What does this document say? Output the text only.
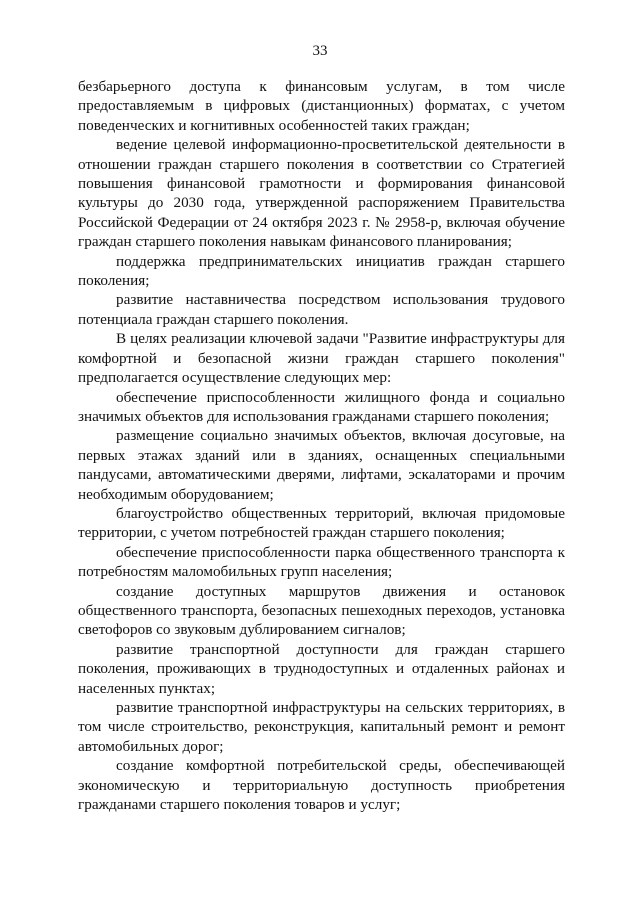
33

безбарьерного доступа к финансовым услугам, в том числе предоставляемым в цифровых (дистанционных) форматах, с учетом поведенческих и когнитивных особенностей таких граждан;

ведение целевой информационно-просветительской деятельности в отношении граждан старшего поколения в соответствии со Стратегией повышения финансовой грамотности и формирования финансовой культуры до 2030 года, утвержденной распоряжением Правительства Российской Федерации от 24 октября 2023 г. № 2958-р, включая обучение граждан старшего поколения навыкам финансового планирования;

поддержка предпринимательских инициатив граждан старшего поколения;

развитие наставничества посредством использования трудового потенциала граждан старшего поколения.

В целях реализации ключевой задачи "Развитие инфраструктуры для комфортной и безопасной жизни граждан старшего поколения" предполагается осуществление следующих мер:

обеспечение приспособленности жилищного фонда и социально значимых объектов для использования гражданами старшего поколения;

размещение социально значимых объектов, включая досуговые, на первых этажах зданий или в зданиях, оснащенных специальными пандусами, автоматическими дверями, лифтами, эскалаторами и прочим необходимым оборудованием;

благоустройство общественных территорий, включая придомовые территории, с учетом потребностей граждан старшего поколения;

обеспечение приспособленности парка общественного транспорта к потребностям маломобильных групп населения;

создание доступных маршрутов движения и остановок общественного транспорта, безопасных пешеходных переходов, установка светофоров со звуковым дублированием сигналов;

развитие транспортной доступности для граждан старшего поколения, проживающих в труднодоступных и отдаленных районах и населенных пунктах;

развитие транспортной инфраструктуры на сельских территориях, в том числе строительство, реконструкция, капитальный ремонт и ремонт автомобильных дорог;

создание комфортной потребительской среды, обеспечивающей экономическую и территориальную доступность приобретения гражданами старшего поколения товаров и услуг;
